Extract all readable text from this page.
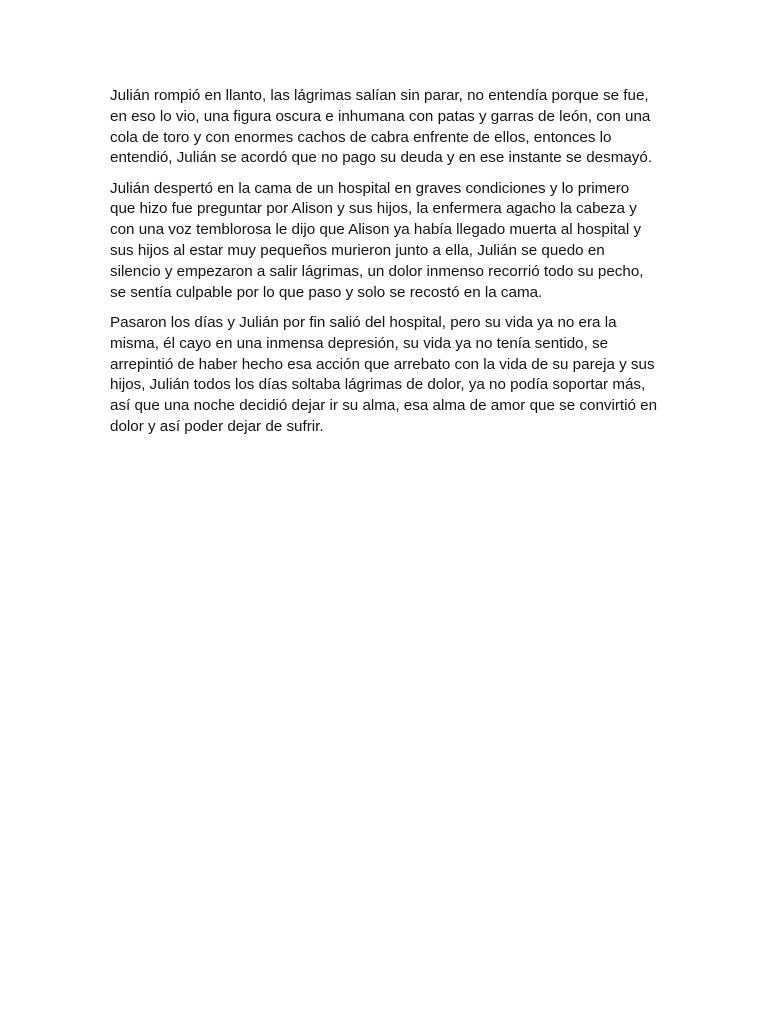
Julián rompió en llanto, las lágrimas salían sin parar, no entendía porque se fue,
en eso lo vio, una figura oscura e inhumana con patas y garras de león, con una
cola de toro y con enormes cachos de cabra enfrente de ellos, entonces lo
entendió, Julián se acordó que no pago su deuda y en ese instante se desmayó.

Julián despertó en la cama de un hospital en graves condiciones y lo primero
que hizo fue preguntar por Alison y sus hijos, la enfermera agacho la cabeza y
con una voz temblorosa le dijo que Alison ya había llegado muerta al hospital y
sus hijos al estar muy pequeños murieron junto a ella, Julián se quedo en
silencio y empezaron a salir lágrimas, un dolor inmenso recorrió todo su pecho,
se sentía culpable por lo que paso y solo se recostó en la cama.

Pasaron los días y Julián por fin salió del hospital, pero su vida ya no era la
misma, él cayo en una inmensa depresión, su vida ya no tenía sentido, se
arrepintió de haber hecho esa acción que arrebato con la vida de su pareja y sus
hijos, Julián todos los días soltaba lágrimas de dolor, ya no podía soportar más,
así que una noche decidió dejar ir su alma, esa alma de amor que se convirtió en
dolor y así poder dejar de sufrir.
